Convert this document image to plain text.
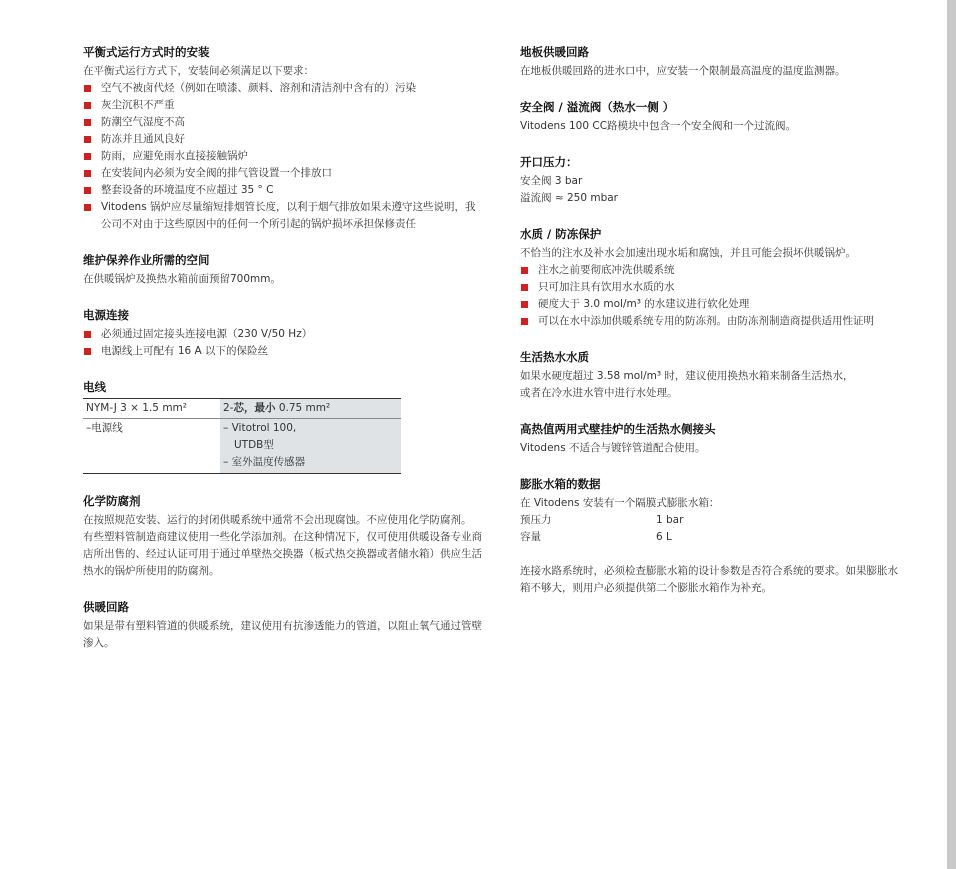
平衡式运行方式时的安装

在平衡式运行方式下，安装间必须满足以下要求：

空气不被卤代烃（例如在喷漆、颜料、溶剂和清洁剂中含有的）污染
灰尘沉积不严重
防潮空气湿度不高
防冻并且通风良好
防雨，应避免雨水直接接触锅炉
在安装间内必须为安全阀的排气管设置一个排放口
整套设备的环境温度不应超过 35 ° C
Vitodens 锅炉应尽量缩短排烟管长度，以利于烟气排放如果未遵守这些说明，我公司不对由于这些原因中的任何一个所引起的锅炉损坏承担保修责任
维护保养作业所需的空间

在供暖锅炉及换热水箱前面预留700mm。

电源连接
必须通过固定接头连接电源（230 V/50 Hz）
电源线上可配有 16 A 以下的保险丝
电线
NYM-J 3 × 1.5 mm²	2-芯，最小 0.75 mm²
–电源线	– Vitotrol 100,
UTDB型
– 室外温度传感器
化学防腐剂

在按照规范安装、运行的封闭供暖系统中通常不会出现腐蚀。不应使用化学防腐剂。

有些塑料管制造商建议使用一些化学添加剂。在这种情况下，仅可使用供暖设备专业商店所出售的、经过认证可用于通过单壁热交换器（板式热交换器或者储水箱）供应生活热水的锅炉所使用的防腐剂。

供暖回路

如果是带有塑料管道的供暖系统，建议使用有抗渗透能力的管道，以阻止氧气通过管壁渗入。

地板供暖回路

在地板供暖回路的进水口中，应安装一个限制最高温度的温度监测器。

安全阀 / 溢流阀（热水一侧 ）

Vitodens 100 CC路模块中包含一个安全阀和一个过流阀。

开口压力：

安全阀 3 bar

溢流阀 ≈ 250 mbar

水质 / 防冻保护

不恰当的注水及补水会加速出现水垢和腐蚀，并且可能会损坏供暖锅炉。

注水之前要彻底冲洗供暖系统
只可加注具有饮用水水质的水
硬度大于 3.0 mol/m³ 的水建议进行软化处理
可以在水中添加供暖系统专用的防冻剂。由防冻剂制造商提供适用性证明
生活热水水质

如果水硬度超过 3.58 mol/m³ 时，建议使用换热水箱来制备生活热水，

或者在冷水进水管中进行水处理。

高热值两用式壁挂炉的生活热水侧接头

Vitodens 不适合与镀锌管道配合使用。

膨胀水箱的数据

在 Vitodens 安装有一个隔膜式膨胀水箱：

预压力	1 bar
容量	6 L

连接水路系统时，必须检查膨胀水箱的设计参数是否符合系统的要求。如果膨胀水箱不够大，则用户必须提供第二个膨胀水箱作为补充。
